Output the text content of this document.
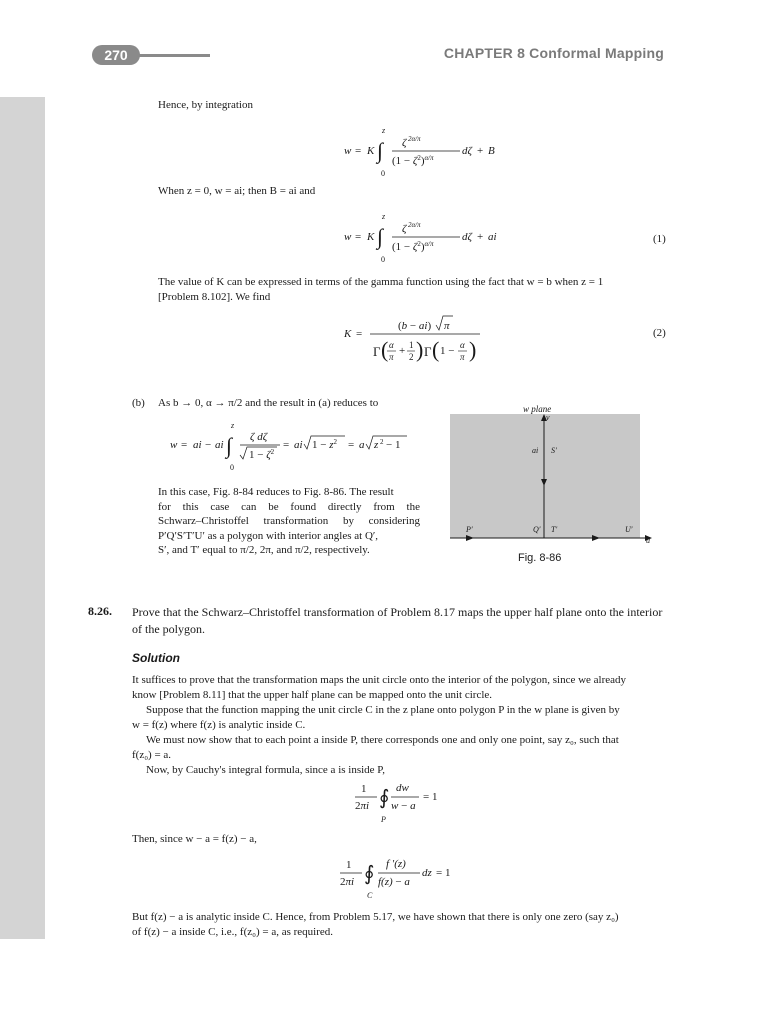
270	CHAPTER 8 Conformal Mapping
Hence, by integration
w = K ∫
z
0
ζ 2α/π
$(1 - \zeta^2)^{\alpha/\pi}$
dζ + B
When z = 0, w = ai; then B = ai and
w = K ∫
z
0
ζ 2α/π
$(1 - \zeta^2)^{\alpha/\pi}$
dζ + ai	(1)
The value of K can be expressed in terms of the gamma function using the fact that w = b when z = 1
[Problem 8.102]. We find
K =
(b − ai) π
Γ ( α
π + 1
2 ) Γ ( 1 − α
π )
(2)
(b) As b → 0, α → π/2 and the result in (a) reduces to
w = ai − ai ∫
z
0
ζ dζ
$1 - \zeta^2$
= ai $1 - z^2 = a$ z 2 − 1
In this case, Fig. 8-84 reduces to Fig. 8-86. The result
for this case can be found directly from the
Schwarz–Christoffel transformation by considering
P′Q′S′T′U′ as a polygon with interior angles at Q′,
S′, and T′ equal to π/2, 2π, and π/2, respectively.
w plane
v
u
ai S′
P′	Q′ T′	U′
Fig. 8-86
8.26. Prove that the Schwarz–Christoffel transformation of Problem 8.17 maps the upper half plane onto the interior of the polygon.
Solution
It suffices to prove that the transformation maps the unit circle onto the interior of the polygon, since we already
know [Problem 8.11] that the upper half plane can be mapped onto the unit circle.
Suppose that the function mapping the unit circle C in the z plane onto polygon P in the w plane is given by
w = f(z) where f(z) is analytic inside C.
We must now show that to each point a inside P, there corresponds one and only one point, say z₀, such that
f(z₀) = a.
Now, by Cauchy's integral formula, since a is inside P,
1
2πi ∮
P
dw
w − a
= 1
Then, since w − a = f(z) − a,
1
2πi ∮
C
f ′(z)
f(z) − a
dz = 1
But f(z) − a is analytic inside C. Hence, from Problem 5.17, we have shown that there is only one zero (say z₀)
of f(z) − a inside C, i.e., f(z₀) = a, as required.
